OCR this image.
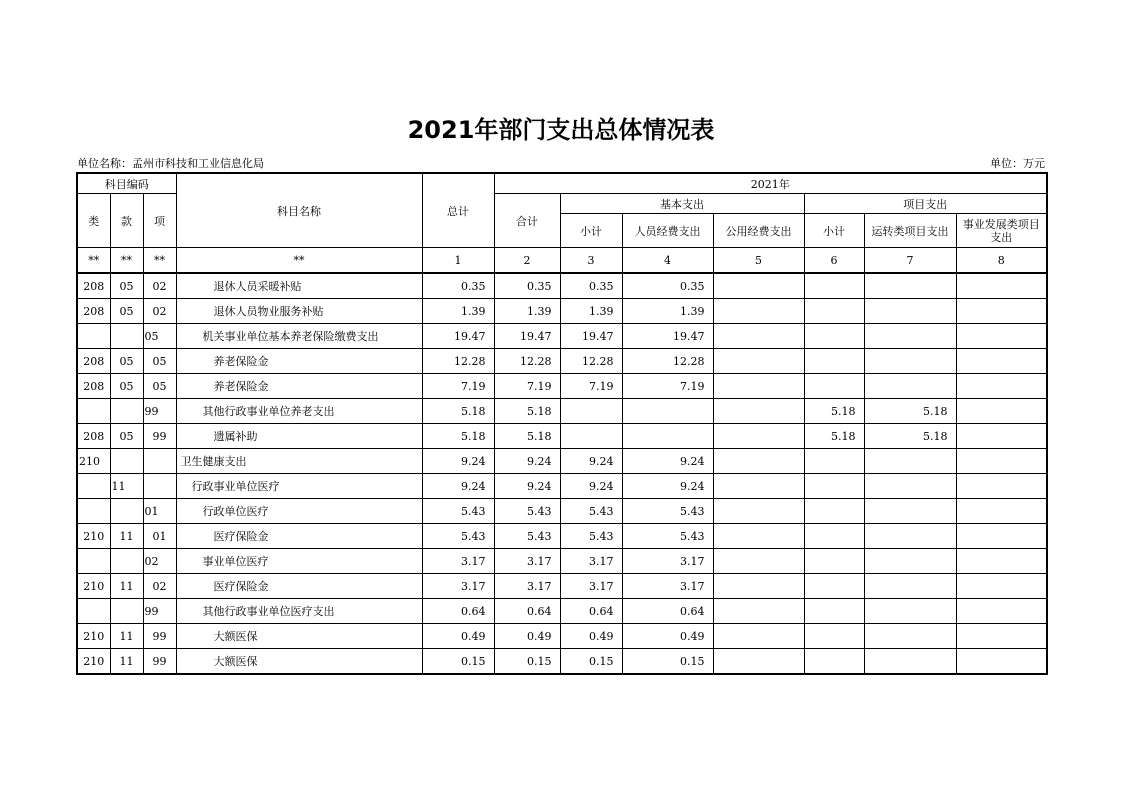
2021年部门支出总体情况表
单位名称：孟州市科技和工业信息化局	单位：万元
科目编码			科目名称	总计	2021年						
类	款	项			合计	基本支出			项目支出		
						小计	人员经费支出	公用经费支出	小计	运转类项目支出	事业发展类项目支出
**	**	**	**	1	2	3	4	5	6	7	8
208	05	02	退休人员采暖补贴	0.35	0.35	0.35	0.35				
208	05	02	退休人员物业服务补贴	1.39	1.39	1.39	1.39				
		05	机关事业单位基本养老保险缴费支出	19.47	19.47	19.47	19.47				
208	05	05	养老保险金	12.28	12.28	12.28	12.28				
208	05	05	养老保险金	7.19	7.19	7.19	7.19				
		99	其他行政事业单位养老支出	5.18	5.18				5.18	5.18	
208	05	99	遗属补助	5.18	5.18				5.18	5.18	
210			卫生健康支出	9.24	9.24	9.24	9.24				
	11		行政事业单位医疗	9.24	9.24	9.24	9.24				
		01	行政单位医疗	5.43	5.43	5.43	5.43				
210	11	01	医疗保险金	5.43	5.43	5.43	5.43				
		02	事业单位医疗	3.17	3.17	3.17	3.17				
210	11	02	医疗保险金	3.17	3.17	3.17	3.17				
		99	其他行政事业单位医疗支出	0.64	0.64	0.64	0.64				
210	11	99	大额医保	0.49	0.49	0.49	0.49				
210	11	99	大额医保	0.15	0.15	0.15	0.15				
